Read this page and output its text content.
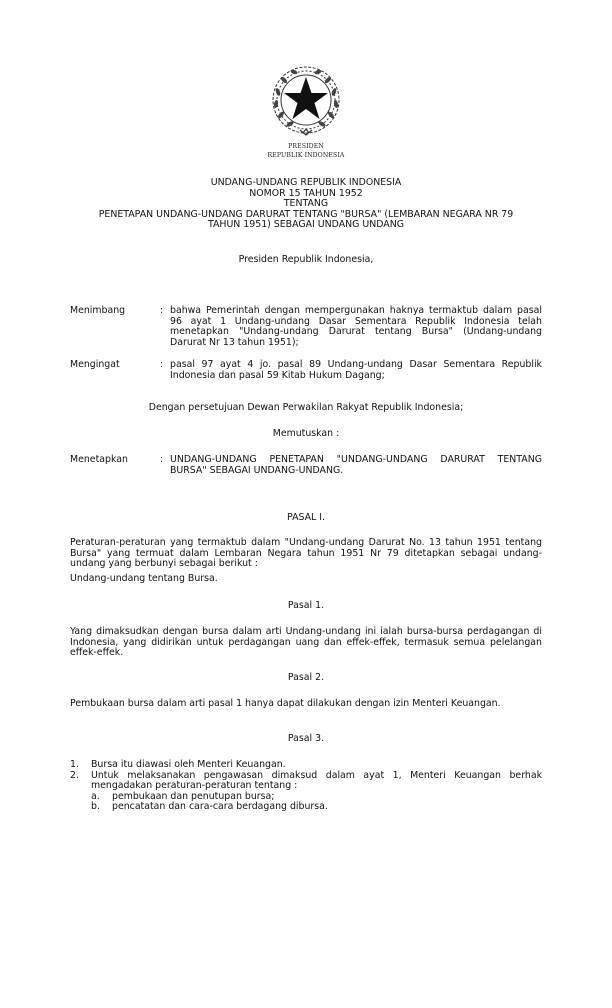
PRESIDEN
REPUBLIK INDONESIA
UNDANG-UNDANG REPUBLIK INDONESIA
NOMOR 15 TAHUN 1952
TENTANG
PENETAPAN UNDANG-UNDANG DARURAT TENTANG "BURSA" (LEMBARAN NEGARA NR 79
TAHUN 1951) SEBAGAI UNDANG UNDANG
Presiden Republik Indonesia,
Menimbang	: bahwa Pemerintah dengan mempergunakan haknya termaktub dalam pasal 96 ayat 1 Undang-undang Dasar Sementara Republik Indonesia telah menetapkan "Undang-undang Darurat tentang Bursa" (Undang-undang Darurat Nr 13 tahun 1951);
Mengingat	: pasal 97 ayat 4 jo. pasal 89 Undang-undang Dasar Sementara Republik Indonesia dan pasal 59 Kitab Hukum Dagang;
Dengan persetujuan Dewan Perwakilan Rakyat Republik Indonesia;
Memutuskan :
Menetapkan	: UNDANG-UNDANG PENETAPAN "UNDANG-UNDANG DARURAT TENTANG BURSA" SEBAGAI UNDANG-UNDANG.
PASAL I.
Peraturan-peraturan yang termaktub dalam "Undang-undang Darurat No. 13 tahun 1951 tentang Bursa" yang termuat dalam Lembaran Negara tahun 1951 Nr 79 ditetapkan sebagai undang- undang yang berbunyi sebagai berikut :
Undang-undang tentang Bursa.
Pasal 1.
Yang dimaksudkan dengan bursa dalam arti Undang-undang ini ialah bursa-bursa perdagangan di Indonesia, yang didirikan untuk perdagangan uang dan effek-effek, termasuk semua pelelangan effek-effek.
Pasal 2.
Pembukaan bursa dalam arti pasal 1 hanya dapat dilakukan dengan izin Menteri Keuangan.
Pasal 3.
1. Bursa itu diawasi oleh Menteri Keuangan.
2. Untuk melaksanakan pengawasan dimaksud dalam ayat 1, Menteri Keuangan berhak mengadakan peraturan-peraturan tentang :
a. pembukaan dan penutupan bursa;
b. pencatatan dan cara-cara berdagang dibursa.
